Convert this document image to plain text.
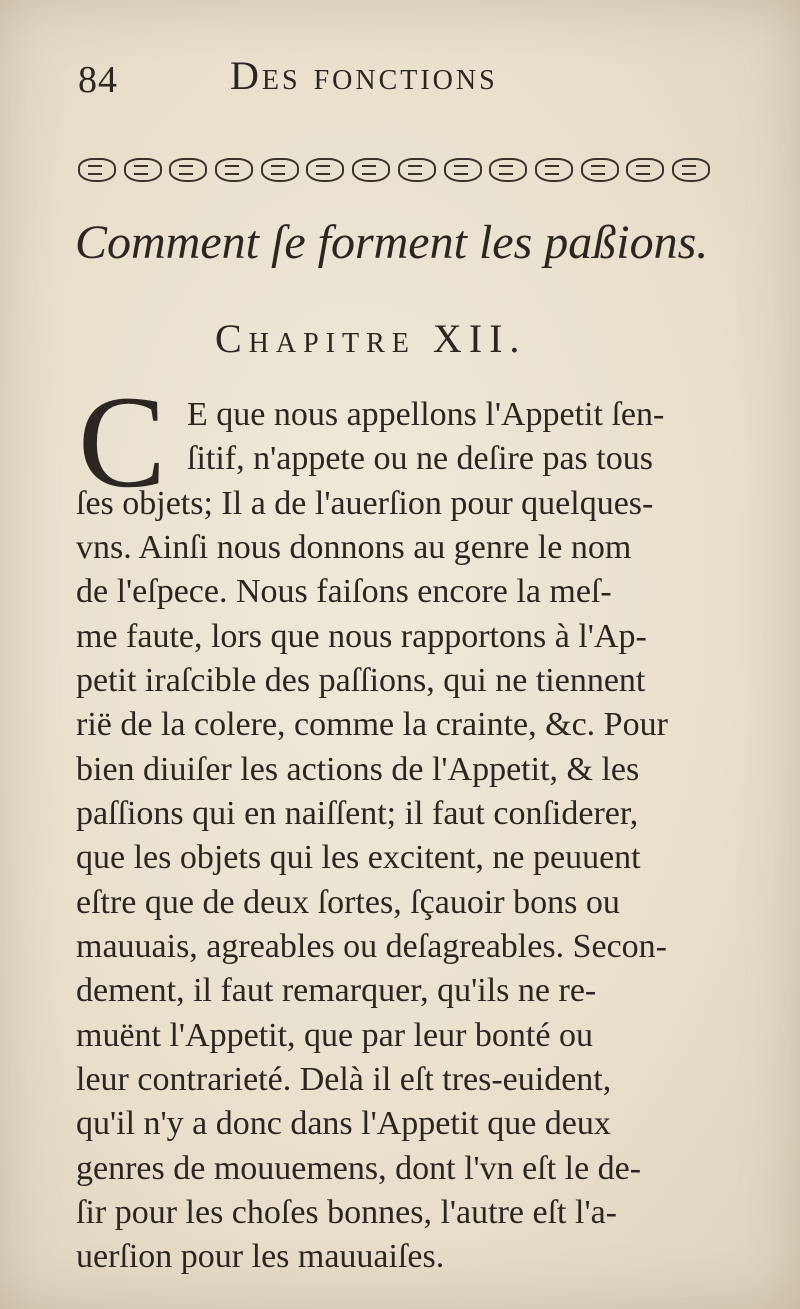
84	Des fonctions
Comment ſe forment les paßions.
Chapitre XII.
C E que nous appellons l'Appetit ſen-
ſitif, n'appete ou ne deſire pas tous
ſes objets; Il a de l'auerſion pour quelques-
vns. Ainſi nous donnons au genre le nom
de l'eſpece. Nous faiſons encore la meſ-
me faute, lors que nous rapportons à l'Ap-
petit iraſcible des paſſions, qui ne tiennent
rië de la colere, comme la crainte, &c. Pour
bien diuiſer les actions de l'Appetit, & les
paſſions qui en naiſſent; il faut conſiderer,
que les objets qui les excitent, ne peuuent
eſtre que de deux ſortes, ſçauoir bons ou
mauuais, agreables ou deſagreables. Secon-
dement, il faut remarquer, qu'ils ne re-
muënt l'Appetit, que par leur bonté ou
leur contrarieté. Delà il eſt tres-euident,
qu'il n'y a donc dans l'Appetit que deux
genres de mouuemens, dont l'vn eſt le de-
ſir pour les choſes bonnes, l'autre eſt l'a-
uerſion pour les mauuaiſes.
